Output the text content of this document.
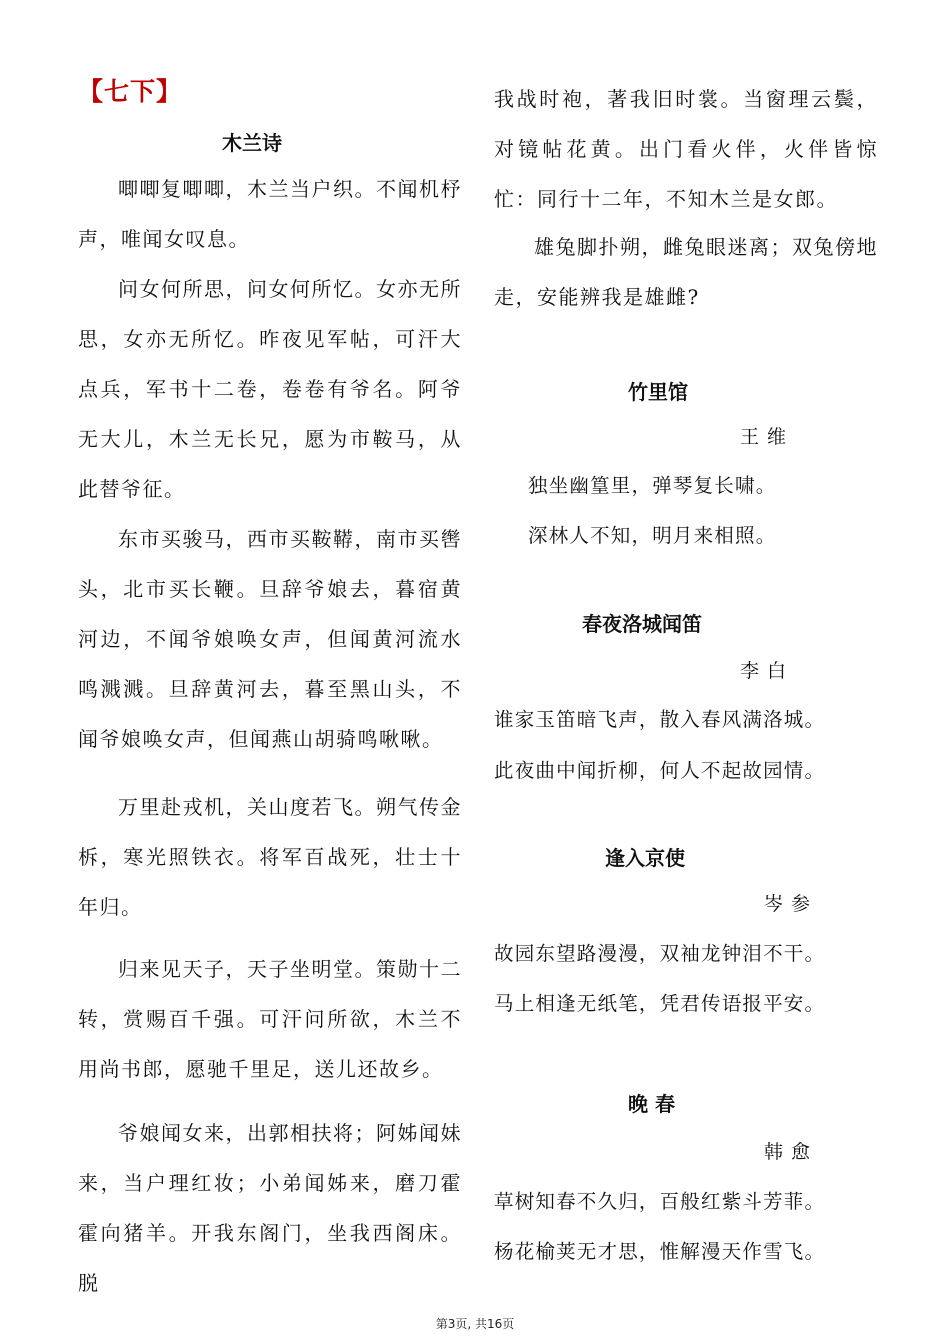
【七下】
木兰诗
唧唧复唧唧，木兰当户织。不闻机杼声，唯闻女叹息。
问女何所思，问女何所忆。女亦无所思，女亦无所忆。昨夜见军帖，可汗大点兵，军书十二卷，卷卷有爷名。阿爷无大儿，木兰无长兄，愿为市鞍马，从此替爷征。
东市买骏马，西市买鞍鞯，南市买辔头，北市买长鞭。旦辞爷娘去，暮宿黄河边，不闻爷娘唤女声，但闻黄河流水鸣溅溅。旦辞黄河去，暮至黑山头，不闻爷娘唤女声，但闻燕山胡骑鸣啾啾。
万里赴戎机，关山度若飞。朔气传金柝，寒光照铁衣。将军百战死，壮士十年归。
归来见天子，天子坐明堂。策勋十二转，赏赐百千强。可汗问所欲，木兰不用尚书郎，愿驰千里足，送儿还故乡。
爷娘闻女来，出郭相扶将；阿姊闻妹来，当户理红妆；小弟闻姊来，磨刀霍霍向猪羊。开我东阁门，坐我西阁床。脱
我战时袍，著我旧时裳。当窗理云鬓，对镜帖花黄。出门看火伴，火伴皆惊忙：同行十二年，不知木兰是女郎。
雄兔脚扑朔，雌兔眼迷离；双兔傍地走，安能辨我是雄雌?
竹里馆
王维
独坐幽篁里，弹琴复长啸。
深林人不知，明月来相照。
春夜洛城闻笛
李白
谁家玉笛暗飞声，散入春风满洛城。
此夜曲中闻折柳，何人不起故园情。
逢入京使
岑参
故园东望路漫漫，双袖龙钟泪不干。
马上相逢无纸笔，凭君传语报平安。
晚 春
韩愈
草树知春不久归，百般红紫斗芳菲。
杨花榆荚无才思，惟解漫天作雪飞。
第3页, 共16页
